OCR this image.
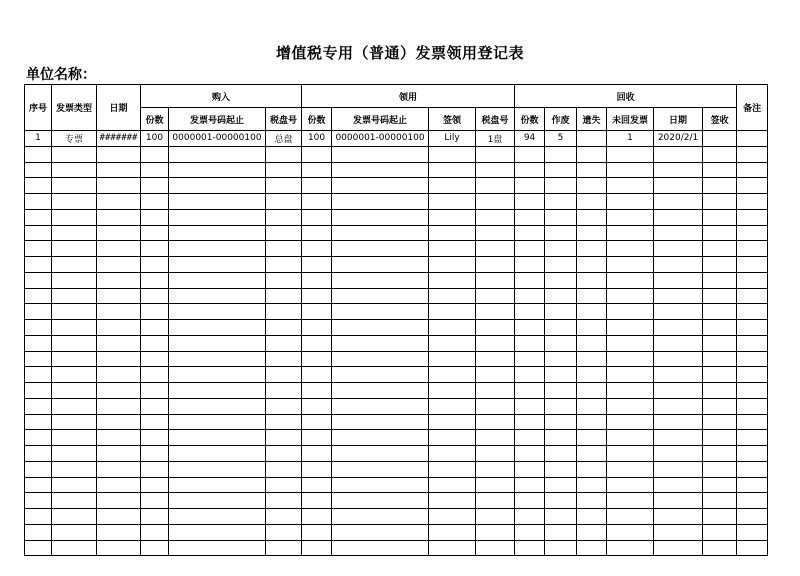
增值税专用（普通）发票领用登记表
单位名称：
序号	发票类型	日期	购入			领用				回收						备注
			份数	发票号码起止	税盘号	份数	发票号码起止	签领	税盘号	份数	作废	遗失	未回发票	日期	签收	
1	专票	#######	100	0000001-00000100	总盘	100	0000001-00000100	Lily	1盘	94	5		1	2020/2/1		
